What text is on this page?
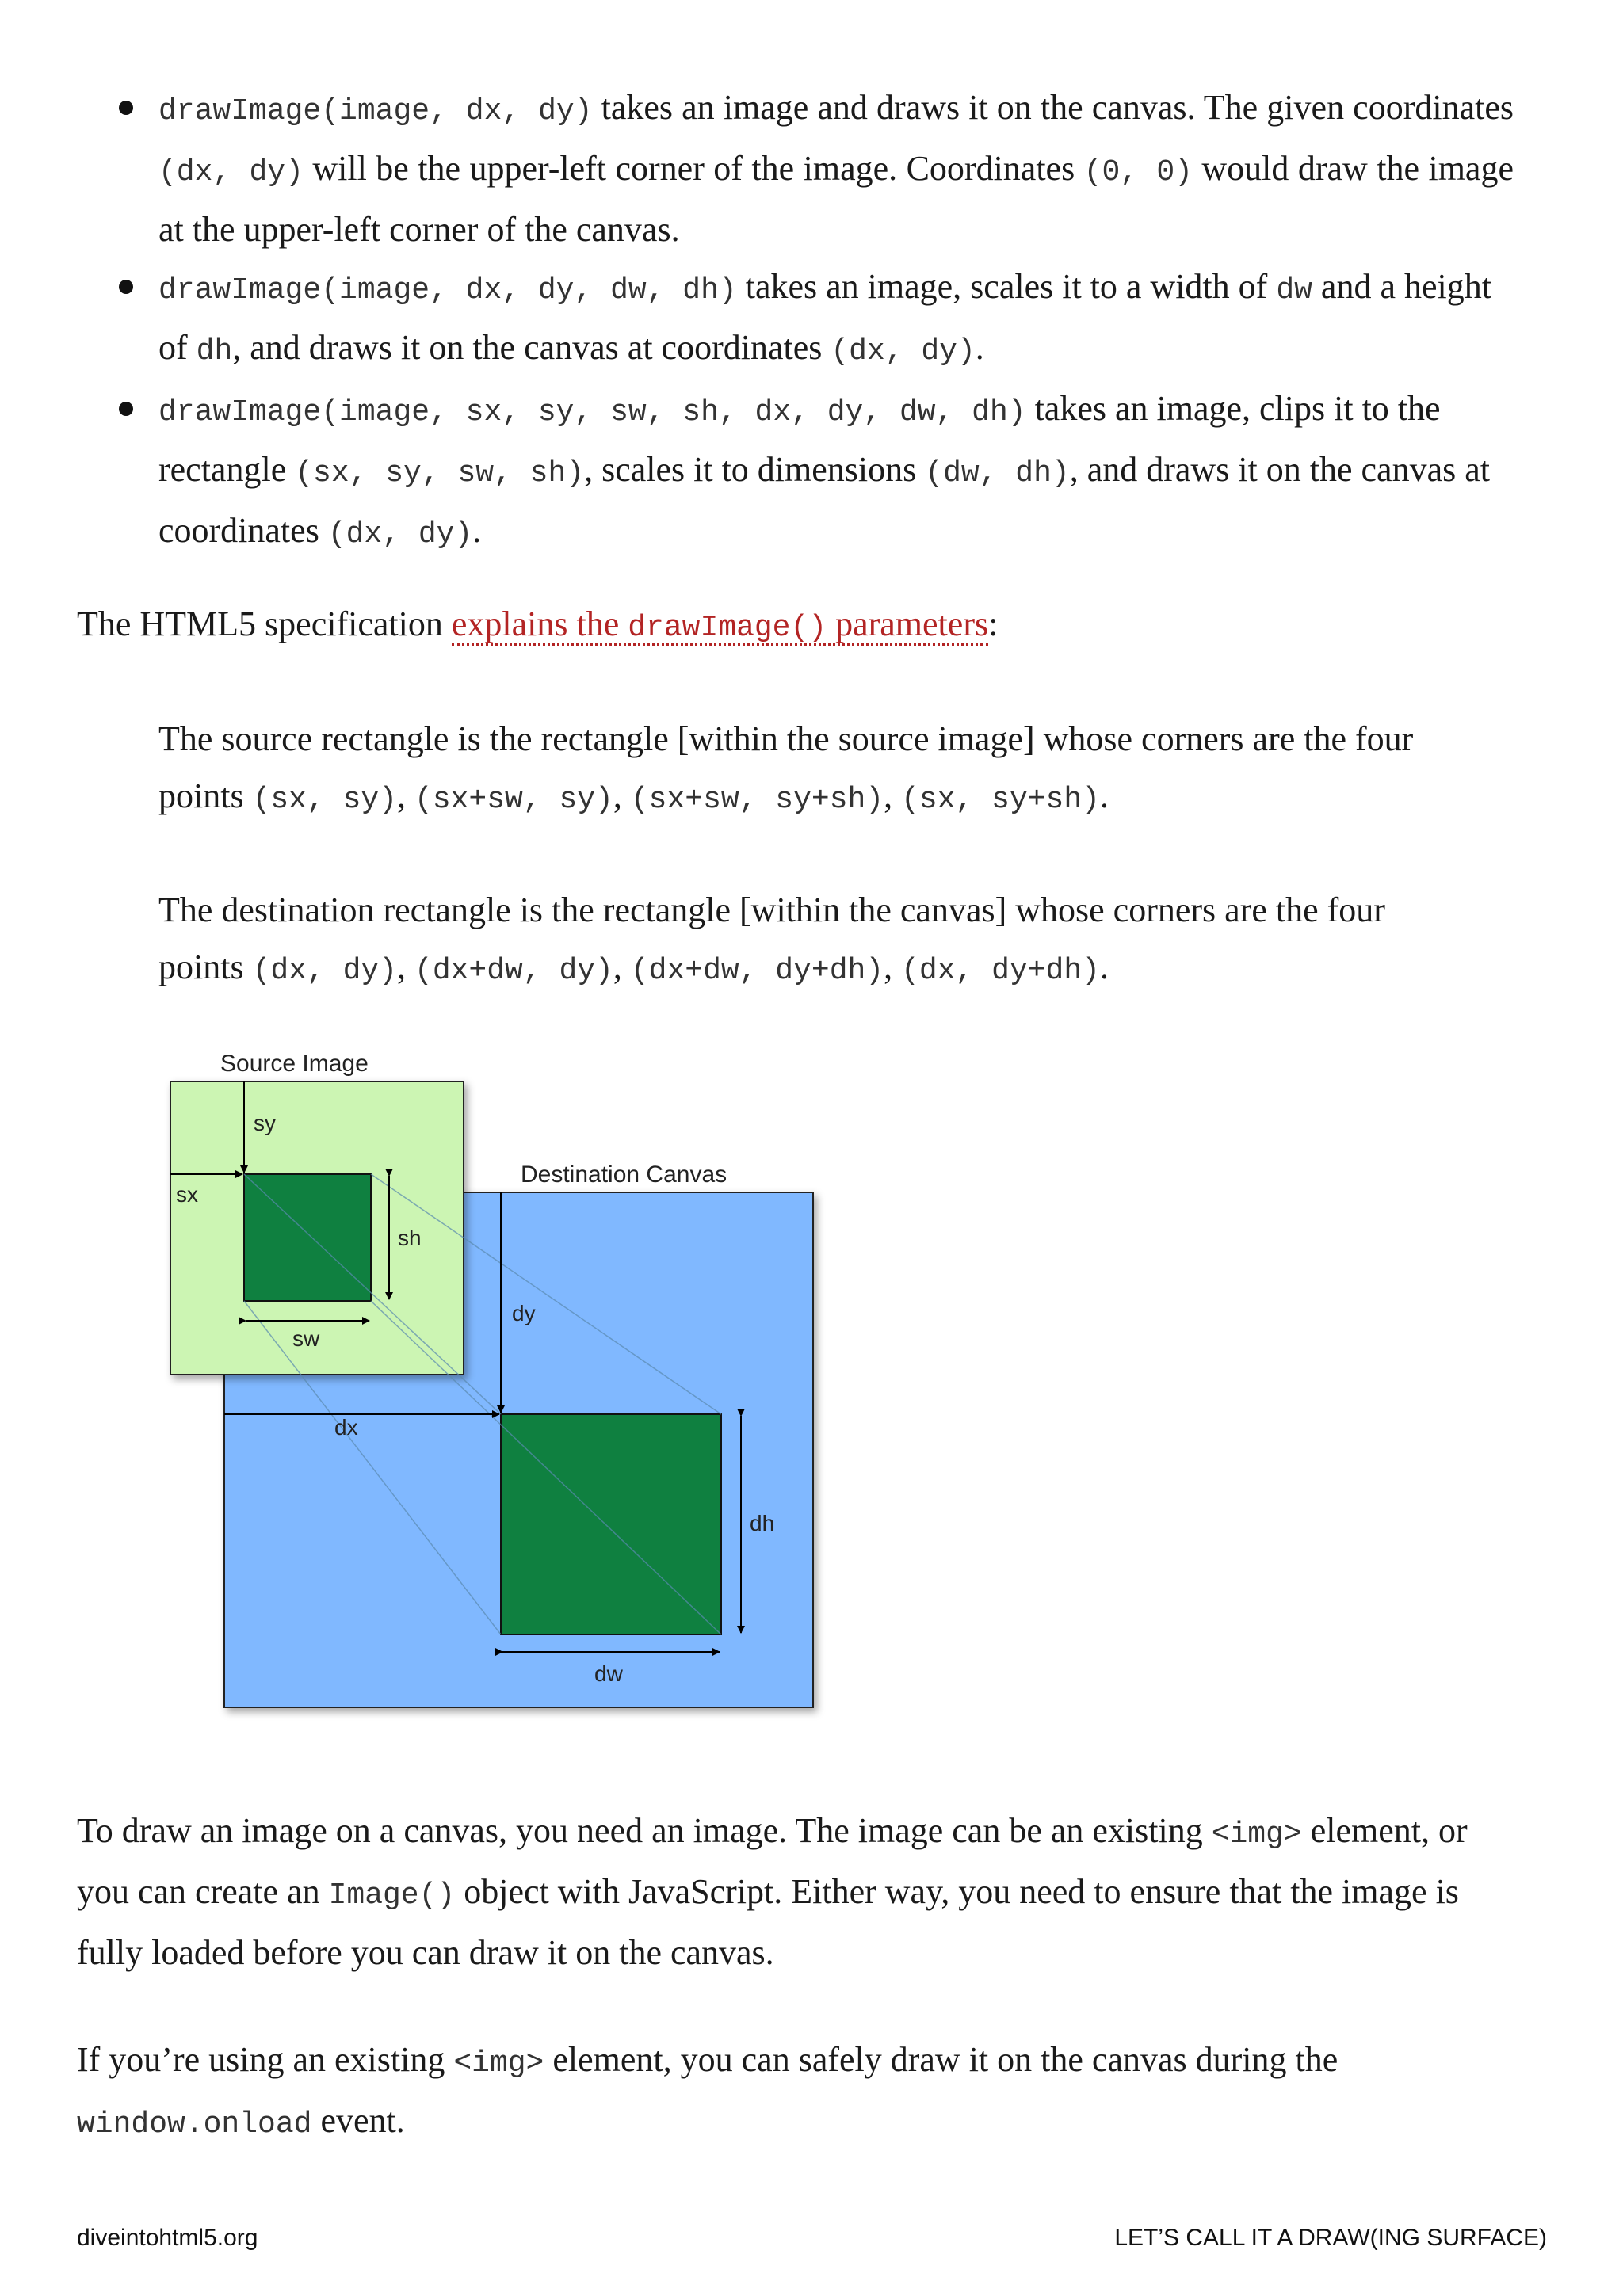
drawImage(image, dx, dy) takes an image and draws it on the canvas. The given coordinates (dx, dy) will be the upper-left corner of the image. Coordinates (0, 0) would draw the image at the upper-left corner of the canvas.
drawImage(image, dx, dy, dw, dh) takes an image, scales it to a width of dw and a height of dh, and draws it on the canvas at coordinates (dx, dy).
drawImage(image, sx, sy, sw, sh, dx, dy, dw, dh) takes an image, clips it to the rectangle (sx, sy, sw, sh), scales it to dimensions (dw, dh), and draws it on the canvas at coordinates (dx, dy).

The HTML5 specification explains the drawImage() parameters:

The source rectangle is the rectangle [within the source image] whose corners are the four points (sx, sy), (sx+sw, sy), (sx+sw, sy+sh), (sx, sy+sh).

The destination rectangle is the rectangle [within the canvas] whose corners are the four points (dx, dy), (dx+dw, dy), (dx+dw, dy+dh), (dx, dy+dh).

Destination Canvas
Source Image
sx
sy
sh
sw
dy
dx
dh
dw

To draw an image on a canvas, you need an image. The image can be an existing <img> element, or you can create an Image() object with JavaScript. Either way, you need to ensure that the image is fully loaded before you can draw it on the canvas.

If you’re using an existing <img> element, you can safely draw it on the canvas during the window.onload event.

diveintohtml5.org	LET’S CALL IT A DRAW(ING SURFACE)
